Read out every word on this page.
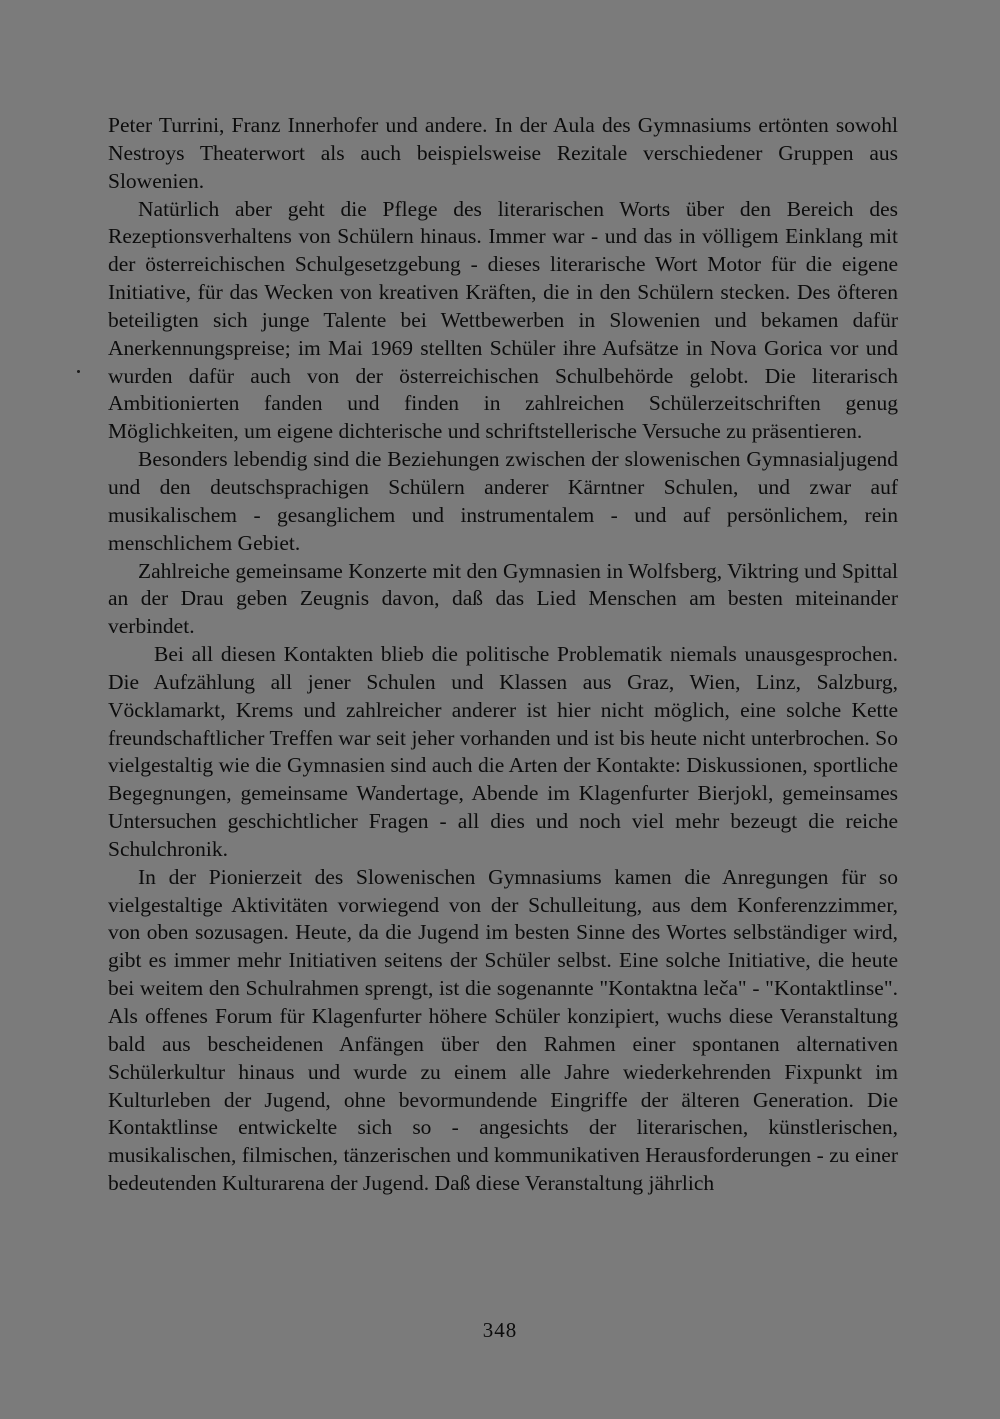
Peter Turrini, Franz Innerhofer und andere. In der Aula des Gymnasiums ertönten sowohl Nestroys Theaterwort als auch beispielsweise Rezitale verschiedener Gruppen aus Slowenien.

Natürlich aber geht die Pflege des literarischen Worts über den Bereich des Rezeptionsverhaltens von Schülern hinaus. Immer war - und das in völligem Einklang mit der österreichischen Schulgesetzgebung - dieses literarische Wort Motor für die eigene Initiative, für das Wecken von kreativen Kräften, die in den Schülern stecken. Des öfteren beteiligten sich junge Talente bei Wettbewerben in Slowenien und bekamen dafür Anerkennungspreise; im Mai 1969 stellten Schüler ihre Aufsätze in Nova Gorica vor und wurden dafür auch von der österreichischen Schulbehörde gelobt. Die literarisch Ambitionierten fanden und finden in zahlreichen Schülerzeitschriften genug Möglichkeiten, um eigene dichterische und schriftstellerische Versuche zu präsentieren.

Besonders lebendig sind die Beziehungen zwischen der slowenischen Gymnasialjugend und den deutschsprachigen Schülern anderer Kärntner Schulen, und zwar auf musikalischem - gesanglichem und instrumentalem - und auf persönlichem, rein menschlichem Gebiet.

Zahlreiche gemeinsame Konzerte mit den Gymnasien in Wolfsberg, Viktring und Spittal an der Drau geben Zeugnis davon, daß das Lied Menschen am besten miteinander verbindet.

Bei all diesen Kontakten blieb die politische Problematik niemals unausgesprochen. Die Aufzählung all jener Schulen und Klassen aus Graz, Wien, Linz, Salzburg, Vöcklamarkt, Krems und zahlreicher anderer ist hier nicht möglich, eine solche Kette freundschaftlicher Treffen war seit jeher vorhanden und ist bis heute nicht unterbrochen. So vielgestaltig wie die Gymnasien sind auch die Arten der Kontakte: Diskussionen, sportliche Begegnungen, gemeinsame Wandertage, Abende im Klagenfurter Bierjokl, gemeinsames Untersuchen geschichtlicher Fragen - all dies und noch viel mehr bezeugt die reiche Schulchronik.

In der Pionierzeit des Slowenischen Gymnasiums kamen die Anregungen für so vielgestaltige Aktivitäten vorwiegend von der Schulleitung, aus dem Konferenzzimmer, von oben sozusagen. Heute, da die Jugend im besten Sinne des Wortes selbständiger wird, gibt es immer mehr Initiativen seitens der Schüler selbst. Eine solche Initiative, die heute bei weitem den Schulrahmen sprengt, ist die sogenannte "Kontaktna leča" - "Kontaktlinse". Als offenes Forum für Klagenfurter höhere Schüler konzipiert, wuchs diese Veranstaltung bald aus bescheidenen Anfängen über den Rahmen einer spontanen alternativen Schülerkultur hinaus und wurde zu einem alle Jahre wiederkehrenden Fixpunkt im Kulturleben der Jugend, ohne bevormundende Eingriffe der älteren Generation. Die Kontaktlinse entwickelte sich so - angesichts der literarischen, künstlerischen, musikalischen, filmischen, tänzerischen und kommunikativen Herausforderungen - zu einer bedeutenden Kulturarena der Jugend. Daß diese Veranstaltung jährlich

348
